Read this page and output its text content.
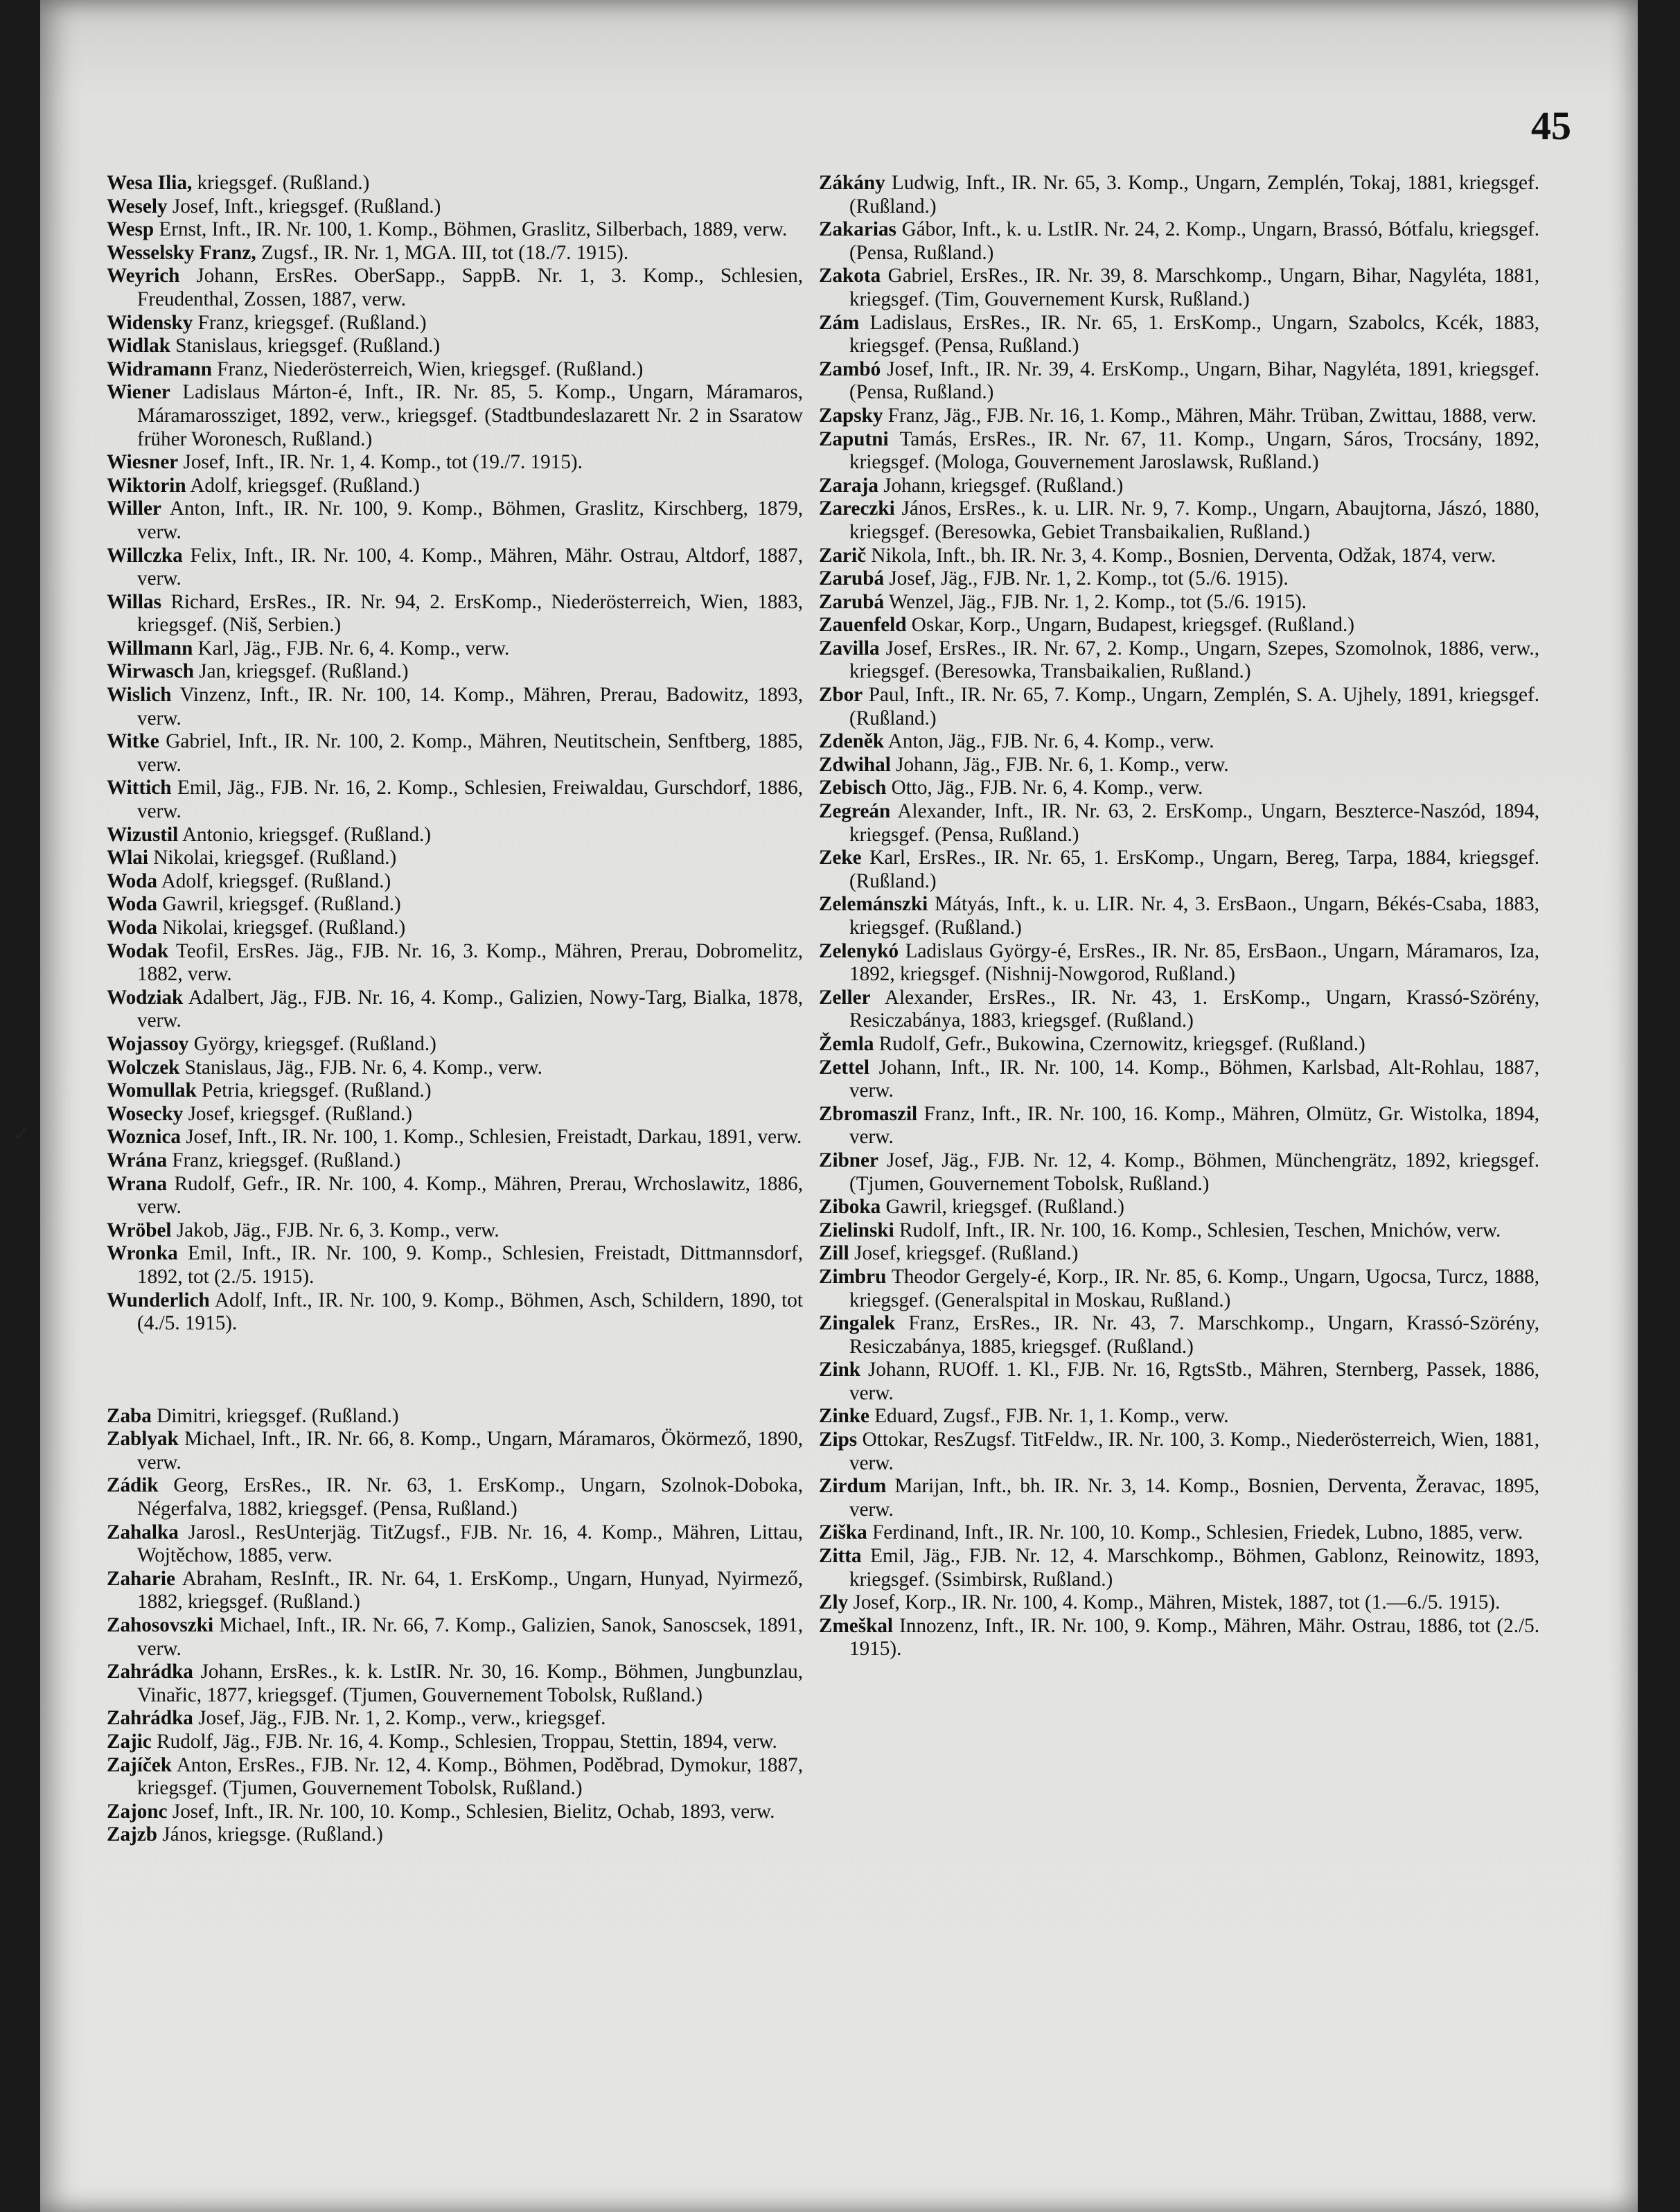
45
Wesa Ilia, kriegsgef. (Rußland.)
Wesely Josef, Inft., kriegsgef. (Rußland.)
Wesp Ernst, Inft., IR. Nr. 100, 1. Komp., Böhmen, Graslitz, Silberbach, 1889, verw.
Wesselsky Franz, Zugsf., IR. Nr. 1, MGA. III, tot (18./7. 1915).
Weyrich Johann, ErsRes. OberSapp., SappB. Nr. 1, 3. Komp., Schlesien, Freudenthal, Zossen, 1887, verw.
Widensky Franz, kriegsgef. (Rußland.)
Widlak Stanislaus, kriegsgef. (Rußland.)
Widramann Franz, Niederösterreich, Wien, kriegsgef. (Rußland.)
Wiener Ladislaus Márton-é, Inft., IR. Nr. 85, 5. Komp., Ungarn, Máramaros, Máramarossziget, 1892, verw., kriegsgef. (Stadtbundeslazarett Nr. 2 in Ssaratow früher Woronesch, Rußland.)
Wiesner Josef, Inft., IR. Nr. 1, 4. Komp., tot (19./7. 1915).
Wiktorin Adolf, kriegsgef. (Rußland.)
Willer Anton, Inft., IR. Nr. 100, 9. Komp., Böhmen, Graslitz, Kirschberg, 1879, verw.
Willczka Felix, Inft., IR. Nr. 100, 4. Komp., Mähren, Mähr. Ostrau, Altdorf, 1887, verw.
Willas Richard, ErsRes., IR. Nr. 94, 2. ErsKomp., Niederösterreich, Wien, 1883, kriegsgef. (Niš, Serbien.)
Willmann Karl, Jäg., FJB. Nr. 6, 4. Komp., verw.
Wirwasch Jan, kriegsgef. (Rußland.)
Wislich Vinzenz, Inft., IR. Nr. 100, 14. Komp., Mähren, Prerau, Badowitz, 1893, verw.
Witke Gabriel, Inft., IR. Nr. 100, 2. Komp., Mähren, Neutitschein, Senftberg, 1885, verw.
Wittich Emil, Jäg., FJB. Nr. 16, 2. Komp., Schlesien, Freiwaldau, Gurschdorf, 1886, verw.
Wizustil Antonio, kriegsgef. (Rußland.)
Wlai Nikolai, kriegsgef. (Rußland.)
Woda Adolf, kriegsgef. (Rußland.)
Woda Gawril, kriegsgef. (Rußland.)
Woda Nikolai, kriegsgef. (Rußland.)
Wodak Teofil, ErsRes. Jäg., FJB. Nr. 16, 3. Komp., Mähren, Prerau, Dobromelitz, 1882, verw.
Wodziak Adalbert, Jäg., FJB. Nr. 16, 4. Komp., Galizien, Nowy-Targ, Bialka, 1878, verw.
Wojassoy György, kriegsgef. (Rußland.)
Wolczek Stanislaus, Jäg., FJB. Nr. 6, 4. Komp., verw.
Womullak Petria, kriegsgef. (Rußland.)
Wosecky Josef, kriegsgef. (Rußland.)
Woznica Josef, Inft., IR. Nr. 100, 1. Komp., Schlesien, Freistadt, Darkau, 1891, verw.
Wrána Franz, kriegsgef. (Rußland.)
Wrana Rudolf, Gefr., IR. Nr. 100, 4. Komp., Mähren, Prerau, Wrchoslawitz, 1886, verw.
Wröbel Jakob, Jäg., FJB. Nr. 6, 3. Komp., verw.
Wronka Emil, Inft., IR. Nr. 100, 9. Komp., Schlesien, Freistadt, Dittmannsdorf, 1892, tot (2./5. 1915).
Wunderlich Adolf, Inft., IR. Nr. 100, 9. Komp., Böhmen, Asch, Schildern, 1890, tot (4./5. 1915).
Zaba Dimitri, kriegsgef. (Rußland.)
Zablyak Michael, Inft., IR. Nr. 66, 8. Komp., Ungarn, Máramaros, Ökörmező, 1890, verw.
Zádik Georg, ErsRes., IR. Nr. 63, 1. ErsKomp., Ungarn, Szolnok-Doboka, Négerfalva, 1882, kriegsgef. (Pensa, Rußland.)
Zahalka Jarosl., ResUnterjäg. TitZugsf., FJB. Nr. 16, 4. Komp., Mähren, Littau, Wojtěchow, 1885, verw.
Zaharie Abraham, ResInft., IR. Nr. 64, 1. ErsKomp., Ungarn, Hunyad, Nyirmező, 1882, kriegsgef. (Rußland.)
Zahosovszki Michael, Inft., IR. Nr. 66, 7. Komp., Galizien, Sanok, Sanoscsek, 1891, verw.
Zahrádka Johann, ErsRes., k. k. LstIR. Nr. 30, 16. Komp., Böhmen, Jungbunzlau, Vinařic, 1877, kriegsgef. (Tjumen, Gouvernement Tobolsk, Rußland.)
Zahrádka Josef, Jäg., FJB. Nr. 1, 2. Komp., verw., kriegsgef.
Zajic Rudolf, Jäg., FJB. Nr. 16, 4. Komp., Schlesien, Troppau, Stettin, 1894, verw.
Zajíček Anton, ErsRes., FJB. Nr. 12, 4. Komp., Böhmen, Poděbrad, Dymokur, 1887, kriegsgef. (Tjumen, Gouvernement Tobolsk, Rußland.)
Zajonc Josef, Inft., IR. Nr. 100, 10. Komp., Schlesien, Bielitz, Ochab, 1893, verw.
Zajzb János, kriegsge. (Rußland.)
Zákány Ludwig, Inft., IR. Nr. 65, 3. Komp., Ungarn, Zemplén, Tokaj, 1881, kriegsgef. (Rußland.)
Zakarias Gábor, Inft., k. u. LstIR. Nr. 24, 2. Komp., Ungarn, Brassó, Bótfalu, kriegsgef. (Pensa, Rußland.)
Zakota Gabriel, ErsRes., IR. Nr. 39, 8. Marschkomp., Ungarn, Bihar, Nagyléta, 1881, kriegsgef. (Tim, Gouvernement Kursk, Rußland.)
Zám Ladislaus, ErsRes., IR. Nr. 65, 1. ErsKomp., Ungarn, Szabolcs, Kcék, 1883, kriegsgef. (Pensa, Rußland.)
Zambó Josef, Inft., IR. Nr. 39, 4. ErsKomp., Ungarn, Bihar, Nagyléta, 1891, kriegsgef. (Pensa, Rußland.)
Zapsky Franz, Jäg., FJB. Nr. 16, 1. Komp., Mähren, Mähr. Trüban, Zwittau, 1888, verw.
Zaputni Tamás, ErsRes., IR. Nr. 67, 11. Komp., Ungarn, Sáros, Trocsány, 1892, kriegsgef. (Mologa, Gouvernement Jaroslawsk, Rußland.)
Zaraja Johann, kriegsgef. (Rußland.)
Zareczki János, ErsRes., k. u. LIR. Nr. 9, 7. Komp., Ungarn, Abaujtorna, Jászó, 1880, kriegsgef. (Beresowka, Gebiet Transbaikalien, Rußland.)
Zarič Nikola, Inft., bh. IR. Nr. 3, 4. Komp., Bosnien, Derventa, Odžak, 1874, verw.
Zarubá Josef, Jäg., FJB. Nr. 1, 2. Komp., tot (5./6. 1915).
Zarubá Wenzel, Jäg., FJB. Nr. 1, 2. Komp., tot (5./6. 1915).
Zauenfeld Oskar, Korp., Ungarn, Budapest, kriegsgef. (Rußland.)
Zavilla Josef, ErsRes., IR. Nr. 67, 2. Komp., Ungarn, Szepes, Szomolnok, 1886, verw., kriegsgef. (Beresowka, Transbaikalien, Rußland.)
Zbor Paul, Inft., IR. Nr. 65, 7. Komp., Ungarn, Zemplén, S. A. Ujhely, 1891, kriegsgef. (Rußland.)
Zdeněk Anton, Jäg., FJB. Nr. 6, 4. Komp., verw.
Zdwihal Johann, Jäg., FJB. Nr. 6, 1. Komp., verw.
Zebisch Otto, Jäg., FJB. Nr. 6, 4. Komp., verw.
Zegreán Alexander, Inft., IR. Nr. 63, 2. ErsKomp., Ungarn, Beszterce-Naszód, 1894, kriegsgef. (Pensa, Rußland.)
Zeke Karl, ErsRes., IR. Nr. 65, 1. ErsKomp., Ungarn, Bereg, Tarpa, 1884, kriegsgef. (Rußland.)
Zelemánszki Mátyás, Inft., k. u. LIR. Nr. 4, 3. ErsBaon., Ungarn, Békés-Csaba, 1883, kriegsgef. (Rußland.)
Zelenykó Ladislaus György-é, ErsRes., IR. Nr. 85, ErsBaon., Ungarn, Máramaros, Iza, 1892, kriegsgef. (Nishnij-Nowgorod, Rußland.)
Zeller Alexander, ErsRes., IR. Nr. 43, 1. ErsKomp., Ungarn, Krassó-Szörény, Resiczabánya, 1883, kriegsgef. (Rußland.)
Žemla Rudolf, Gefr., Bukowina, Czernowitz, kriegsgef. (Rußland.)
Zettel Johann, Inft., IR. Nr. 100, 14. Komp., Böhmen, Karlsbad, Alt-Rohlau, 1887, verw.
Zbromaszil Franz, Inft., IR. Nr. 100, 16. Komp., Mähren, Olmütz, Gr. Wistolka, 1894, verw.
Zibner Josef, Jäg., FJB. Nr. 12, 4. Komp., Böhmen, Münchengrätz, 1892, kriegsgef. (Tjumen, Gouvernement Tobolsk, Rußland.)
Ziboka Gawril, kriegsgef. (Rußland.)
Zielinski Rudolf, Inft., IR. Nr. 100, 16. Komp., Schlesien, Teschen, Mnichów, verw.
Zill Josef, kriegsgef. (Rußland.)
Zimbru Theodor Gergely-é, Korp., IR. Nr. 85, 6. Komp., Ungarn, Ugocsa, Turcz, 1888, kriegsgef. (Generalspital in Moskau, Rußland.)
Zingalek Franz, ErsRes., IR. Nr. 43, 7. Marschkomp., Ungarn, Krassó-Szörény, Resiczabánya, 1885, kriegsgef. (Rußland.)
Zink Johann, RUOff. 1. Kl., FJB. Nr. 16, RgtsStb., Mähren, Sternberg, Passek, 1886, verw.
Zinke Eduard, Zugsf., FJB. Nr. 1, 1. Komp., verw.
Zips Ottokar, ResZugsf. TitFeldw., IR. Nr. 100, 3. Komp., Niederösterreich, Wien, 1881, verw.
Zirdum Marijan, Inft., bh. IR. Nr. 3, 14. Komp., Bosnien, Derventa, Žeravac, 1895, verw.
Ziška Ferdinand, Inft., IR. Nr. 100, 10. Komp., Schlesien, Friedek, Lubno, 1885, verw.
Zitta Emil, Jäg., FJB. Nr. 12, 4. Marschkomp., Böhmen, Gablonz, Reinowitz, 1893, kriegsgef. (Ssimbirsk, Rußland.)
Zly Josef, Korp., IR. Nr. 100, 4. Komp., Mähren, Mistek, 1887, tot (1.—6./5. 1915).
Zmeškal Innozenz, Inft., IR. Nr. 100, 9. Komp., Mähren, Mähr. Ostrau, 1886, tot (2./5. 1915).
✓
